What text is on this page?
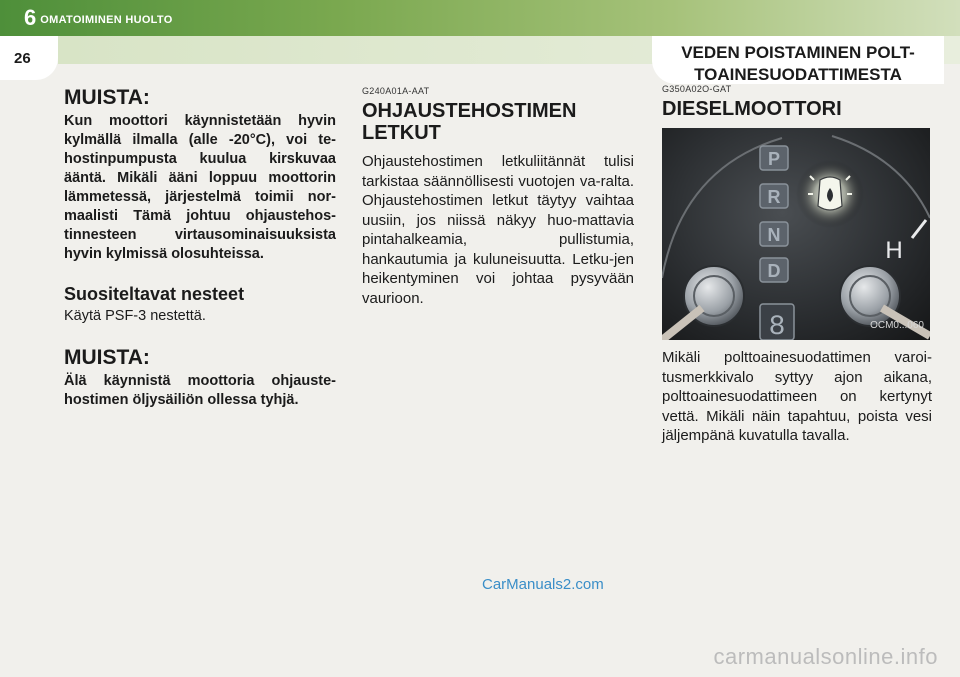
6 OMATOIMINEN HUOLTO
26	VEDEN POISTAMINEN POLT-
TOAINESUODATTIMESTA
MUISTA:

Kun moottori käynnistetään hyvin kylmällä ilmalla (alle -20°C), voi te-hostinpumpusta kuulua kirskuvaa ääntä. Mikäli ääni loppuu moottorin lämmetessä, järjestelmä toimii nor-maalisti Tämä johtuu ohjaustehos-tinnesteen virtausominaisuuksista hyvin kylmissä olosuhteissa.

Suositeltavat nesteet

Käytä PSF-3 nestettä.

MUISTA:

Älä käynnistä moottoria ohjauste-hostimen öljysäiliön ollessa tyhjä.

G240A01A-AAT
OHJAUSTEHOSTIMEN LETKUT

Ohjaustehostimen letkuliitännät tulisi tarkistaa säännöllisesti vuotojen va-ralta. Ohjaustehostimen letkut täytyy vaihtaa uusiin, jos niissä näkyy huo-mattavia pintahalkeamia, pullistumia, hankautumia ja kuluneisuutta. Letku-jen heikentyminen voi johtaa pysyvään vaurioon.

G350A02O-GAT
DIESELMOOTTORI
P
R
N
D
H
8	OCM0...060

Mikäli polttoainesuodattimen varoi-tusmerkkivalo syttyy ajon aikana, polttoainesuodattimeen on kertynyt vettä. Mikäli näin tapahtuu, poista vesi jäljempänä kuvatulla tavalla.

CarManuals2.com
carmanualsonline.info
